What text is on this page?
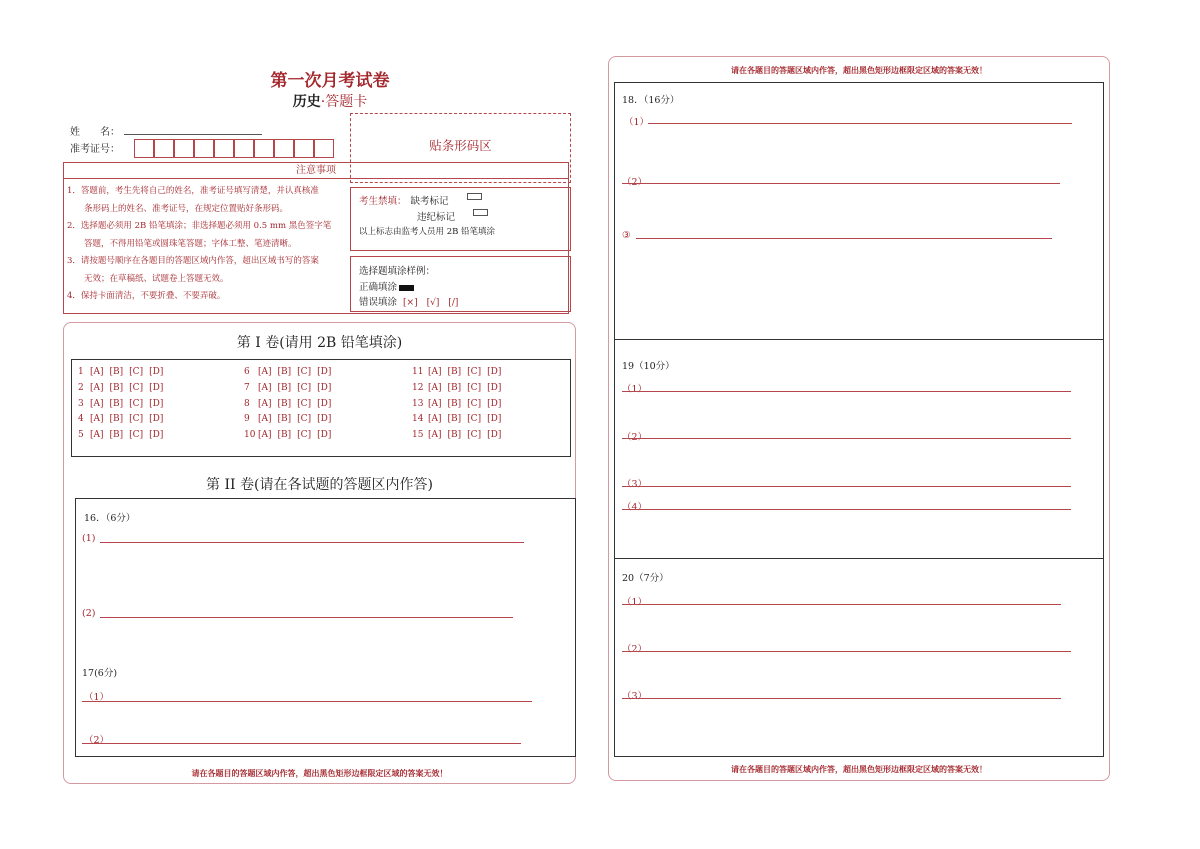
第一次月考试卷
历史·答题卡
姓　　名：
准考证号：
注意事项
1．答题前，考生先将自己的姓名，准考证号填写清楚，并认真核准
　　条形码上的姓名、准考证号，在规定位置贴好条形码。
2．选择题必须用 2B 铅笔填涂；非选择题必须用 0.5 mm 黑色签字笔
　　答题，不得用铅笔或圆珠笔答题；字体工整、笔迹清晰。
3．请按题号顺序在各题目的答题区域内作答，超出区域书写的答案
　　无效；在草稿纸、试题卷上答题无效。
4．保持卡面清洁，不要折叠、不要弄破。
贴条形码区
考生禁填： 缺考标记
违纪标记
以上标志由监考人员用 2B 铅笔填涂
选择题填涂样例：
正确填涂
错误填涂 [×]　[√]　[/]
第 I 卷(请用 2B 铅笔填涂)
1 [A] [B] [C] [D]
2 [A] [B] [C] [D]
3 [A] [B] [C] [D]
4 [A] [B] [C] [D]
5 [A] [B] [C] [D]
6 [A] [B] [C] [D]
7 [A] [B] [C] [D]
8 [A] [B] [C] [D]
9 [A] [B] [C] [D]
10 [A] [B] [C] [D]
11 [A] [B] [C] [D]
12 [A] [B] [C] [D]
13 [A] [B] [C] [D]
14 [A] [B] [C] [D]
15 [A] [B] [C] [D]
第 II 卷(请在各试题的答题区内作答)
16．（6分）
(1)
(2)
17(6分)
（1）
（2）
请在各题目的答题区域内作答，超出黑色矩形边框限定区域的答案无效！
请在各题目的答题区域内作答，超出黑色矩形边框限定区域的答案无效！
18．（16分）
（1）
（2）
③
19（10分）
（1）
（2）
（3）
（4）
20（7分）
（1）
（2）
（3）
请在各题目的答题区域内作答，超出黑色矩形边框限定区域的答案无效！
